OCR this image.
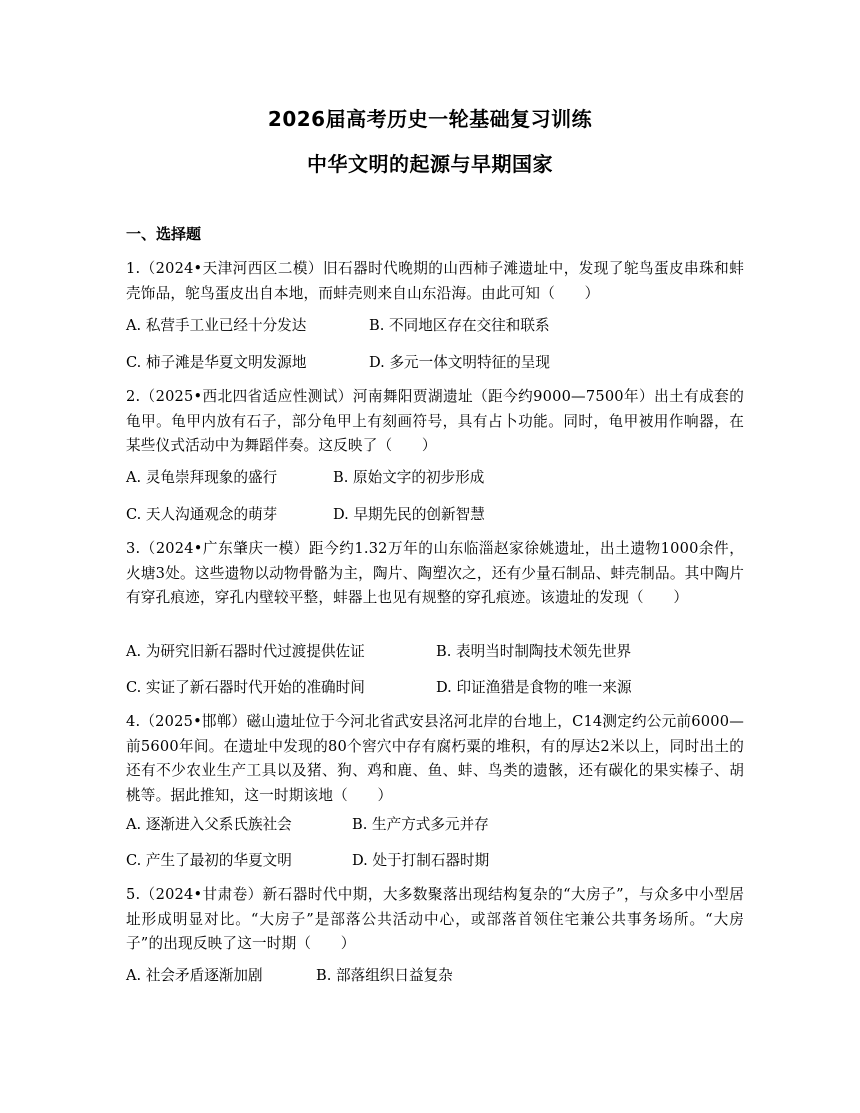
2026届高考历史一轮基础复习训练
中华文明的起源与早期国家
一、选择题
1.（2024•天津河西区二模）旧石器时代晚期的山西柿子滩遗址中，发现了鸵鸟蛋皮串珠和蚌壳饰品，鸵鸟蛋皮出自本地，而蚌壳则来自山东沿海。由此可知（　　）
A. 私营手工业已经十分发达	B. 不同地区存在交往和联系
C. 柿子滩是华夏文明发源地	D. 多元一体文明特征的呈现
2.（2025•西北四省适应性测试）河南舞阳贾湖遗址（距今约9000—7500年）出土有成套的龟甲。龟甲内放有石子，部分龟甲上有刻画符号，具有占卜功能。同时，龟甲被用作响器，在某些仪式活动中为舞蹈伴奏。这反映了（　　）
A. 灵龟崇拜现象的盛行	B. 原始文字的初步形成
C. 天人沟通观念的萌芽	D. 早期先民的创新智慧
3.（2024•广东肇庆一模）距今约1.32万年的山东临淄赵家徐姚遗址，出土遗物1000余件，火塘3处。这些遗物以动物骨骼为主，陶片、陶塑次之，还有少量石制品、蚌壳制品。其中陶片有穿孔痕迹，穿孔内壁较平整，蚌器上也见有规整的穿孔痕迹。该遗址的发现（　　）
A. 为研究旧新石器时代过渡提供佐证	B. 表明当时制陶技术领先世界
C. 实证了新石器时代开始的准确时间	D. 印证渔猎是食物的唯一来源
4.（2025•邯郸）磁山遗址位于今河北省武安县洺河北岸的台地上，C14测定约公元前6000—前5600年间。在遗址中发现的80个窖穴中存有腐朽粟的堆积，有的厚达2米以上，同时出土的还有不少农业生产工具以及猪、狗、鸡和鹿、鱼、蚌、鸟类的遗骸，还有碳化的果实榛子、胡桃等。据此推知，这一时期该地（　　）
A. 逐渐进入父系氏族社会	B. 生产方式多元并存
C. 产生了最初的华夏文明	D. 处于打制石器时期
5.（2024•甘肃卷）新石器时代中期，大多数聚落出现结构复杂的“大房子”，与众多中小型居址形成明显对比。“大房子”是部落公共活动中心，或部落首领住宅兼公共事务场所。“大房子”的出现反映了这一时期（　　）
A. 社会矛盾逐渐加剧	B. 部落组织日益复杂
